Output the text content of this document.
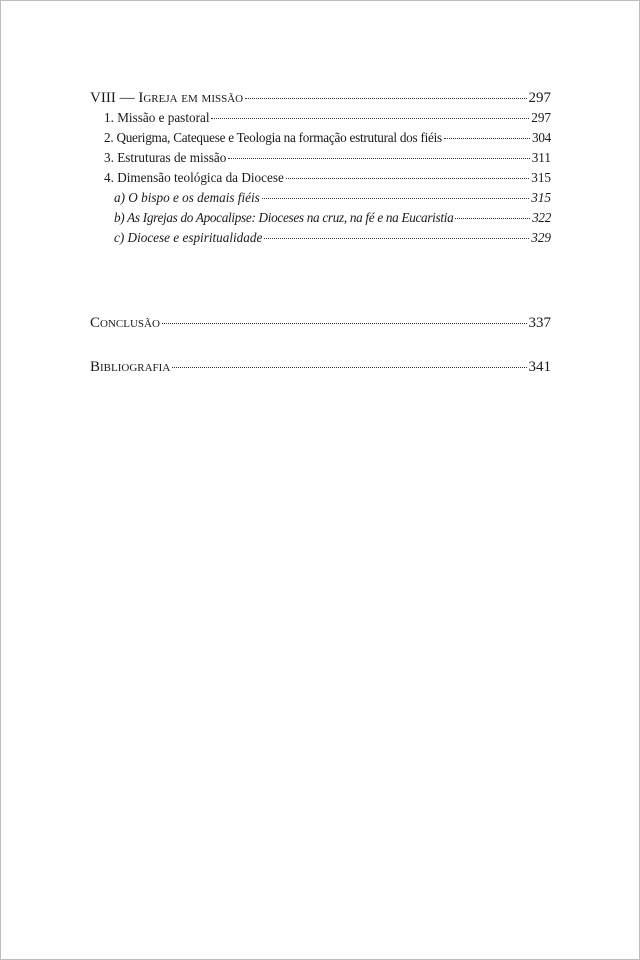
VIII — Igreja em missão	297
1. Missão e pastoral	297
2. Querigma, Catequese e Teologia na formação estrutural dos fiéis	304
3. Estruturas de missão	311
4. Dimensão teológica da Diocese	315
a) O bispo e os demais fiéis	315
b) As Igrejas do Apocalipse: Dioceses na cruz, na fé e na Eucaristia	322
c) Diocese e espiritualidade	329
Conclusão	337
Bibliografia	341
